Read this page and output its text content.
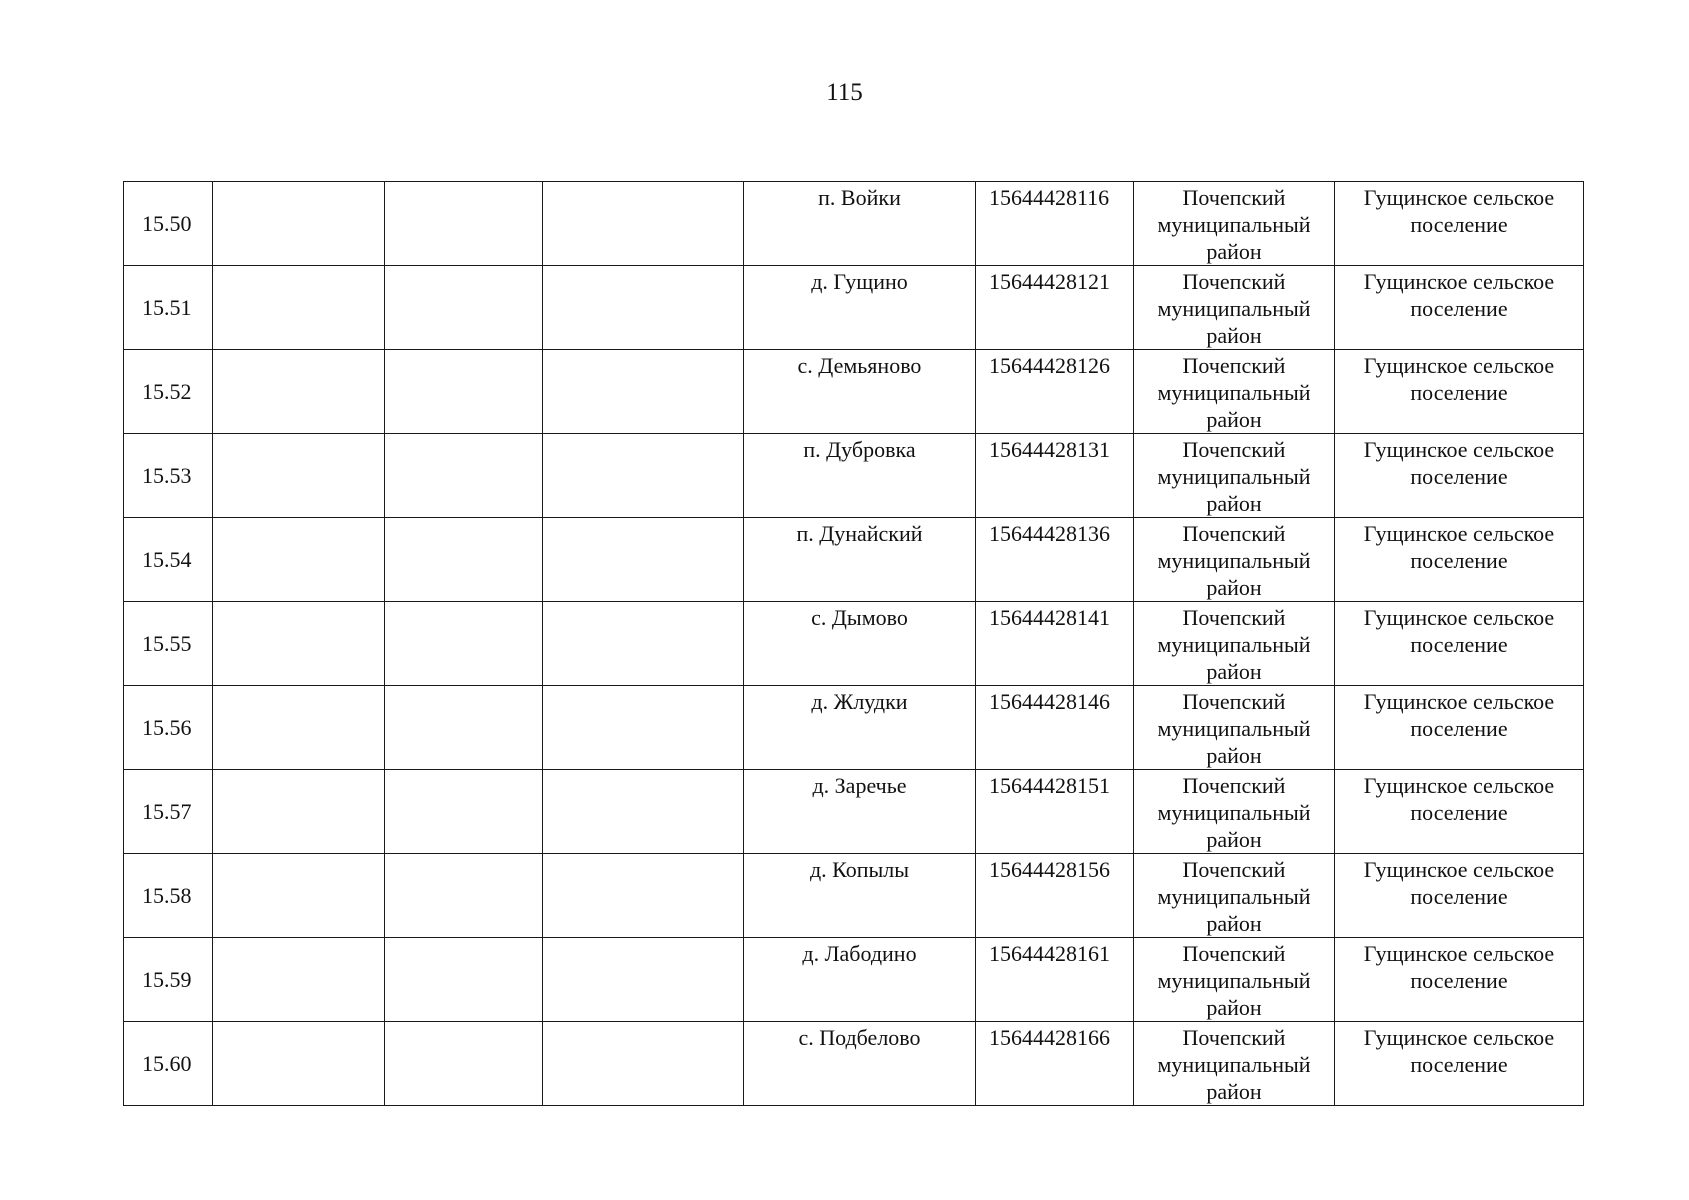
115
15.50				п. Войки	15644428116	Почепский муниципальный район	Гущинское сельское поселение
15.51				д. Гущино	15644428121	Почепский муниципальный район	Гущинское сельское поселение
15.52				с. Демьяново	15644428126	Почепский муниципальный район	Гущинское сельское поселение
15.53				п. Дубровка	15644428131	Почепский муниципальный район	Гущинское сельское поселение
15.54				п. Дунайский	15644428136	Почепский муниципальный район	Гущинское сельское поселение
15.55				с. Дымово	15644428141	Почепский муниципальный район	Гущинское сельское поселение
15.56				д. Жлудки	15644428146	Почепский муниципальный район	Гущинское сельское поселение
15.57				д. Заречье	15644428151	Почепский муниципальный район	Гущинское сельское поселение
15.58				д. Копылы	15644428156	Почепский муниципальный район	Гущинское сельское поселение
15.59				д. Лабодино	15644428161	Почепский муниципальный район	Гущинское сельское поселение
15.60				с. Подбелово	15644428166	Почепский муниципальный район	Гущинское сельское поселение
